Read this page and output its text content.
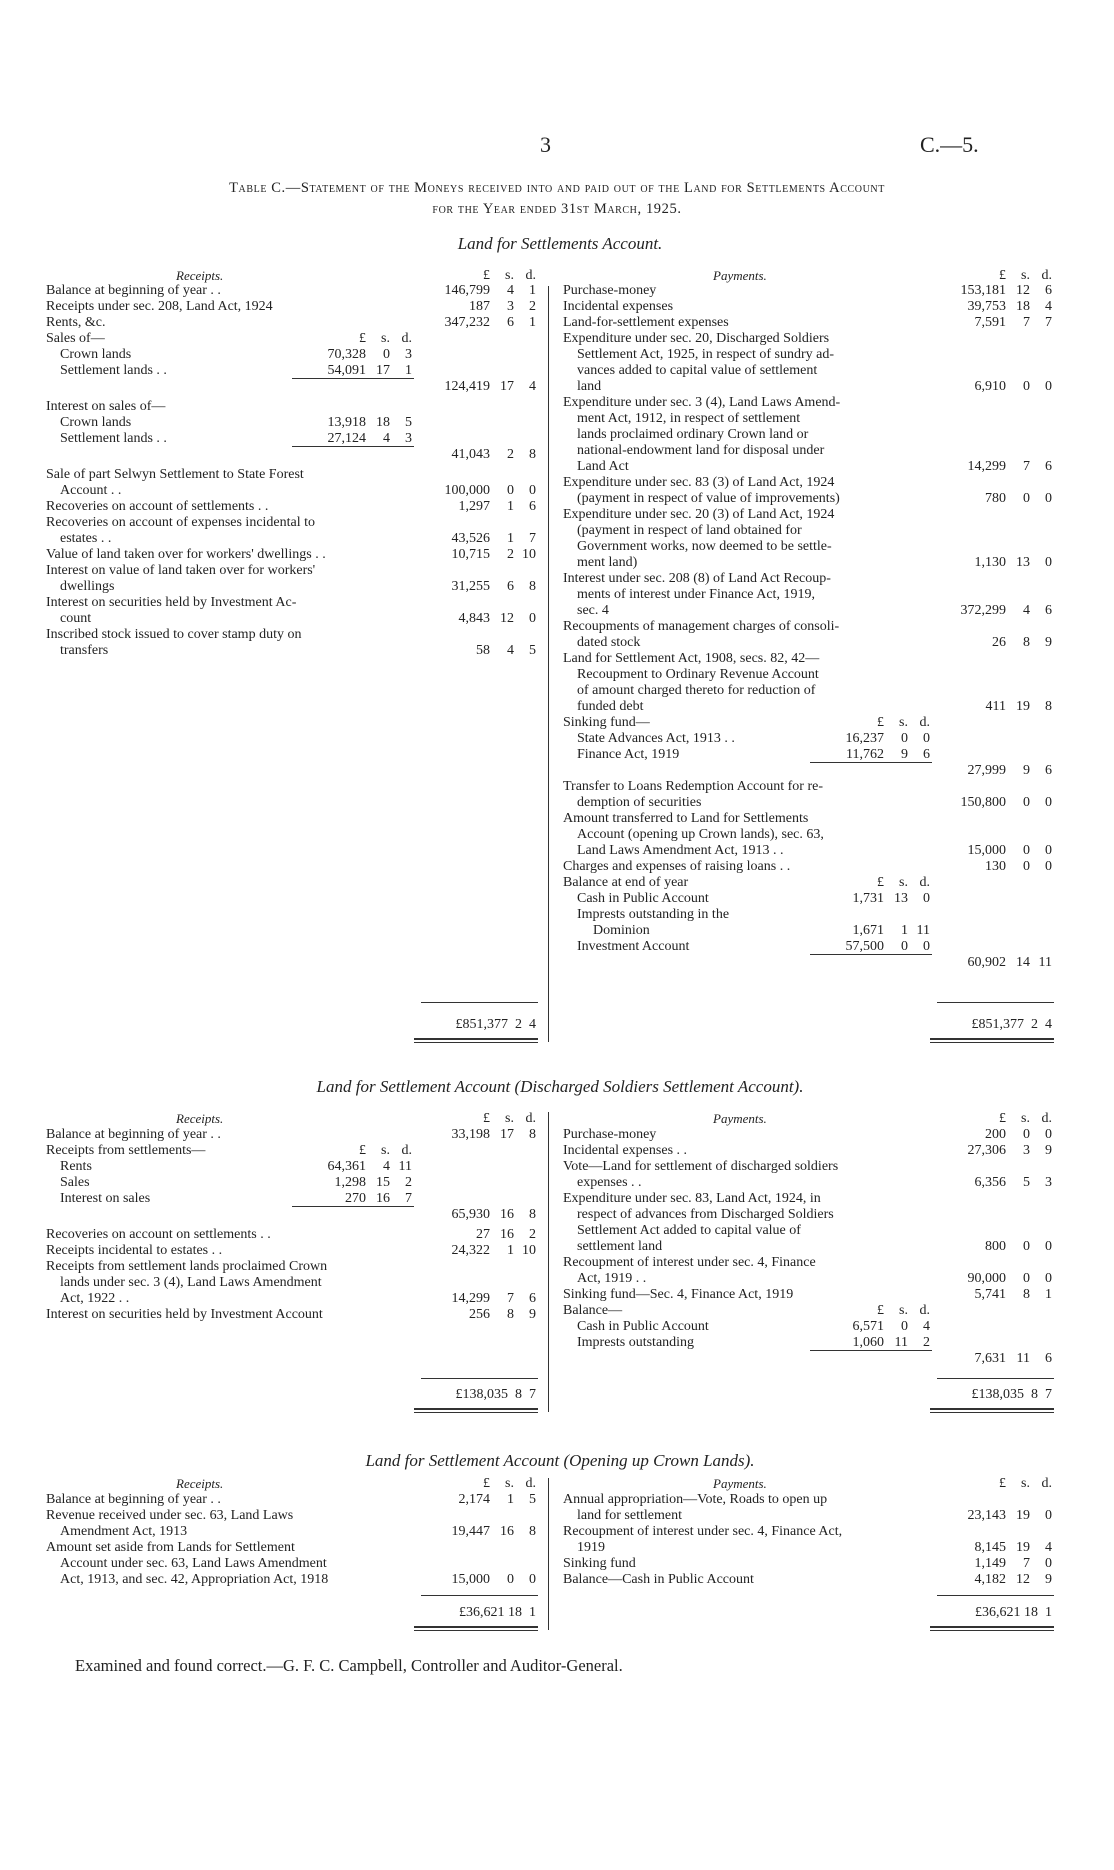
3	C.—5.
Table C.—Statement of the Moneys received into and paid out of the Land for Settlements Account
for the Year ended 31st March, 1925.
Land for Settlements Account.
Receipts.	Payments.
£	s. d.	£	s. d.
Balance at beginning of year . .	146,799	4	1
Receipts under sec. 208, Land Act, 1924	187	3	2
Rents, &c.	347,232	6	1
Sales of—	£	s. d.
Crown lands	70,328	0	3
Settlement lands . .	54,091 17	1
124,419 17	4
Interest on sales of—
Crown lands	13,918 18	5
Settlement lands . .	27,124	4	3
41,043	2	8
Sale of part Selwyn Settlement to State Forest
Account . .	100,000	0	0
Recoveries on account of settlements . .	1,297	1	6
Recoveries on account of expenses incidental to
estates . .	43,526	1	7
Value of land taken over for workers' dwellings . .	10,715	2 10
Interest on value of land taken over for workers'
dwellings	31,255	6	8
Interest on securities held by Investment Ac-
count	4,843 12	0
Inscribed stock issued to cover stamp duty on
transfers	58	4	5
Purchase-money	153,181 12	6
Incidental expenses	39,753 18	4
Land-for-settlement expenses	7,591	7	7
Expenditure under sec. 20, Discharged Soldiers
Settlement Act, 1925, in respect of sundry ad-
vances added to capital value of settlement
land	6,910	0	0
Expenditure under sec. 3 (4), Land Laws Amend-
ment Act, 1912, in respect of settlement
lands proclaimed ordinary Crown land or
national-endowment land for disposal under
Land Act	14,299	7	6
Expenditure under sec. 83 (3) of Land Act, 1924
(payment in respect of value of improvements)	780	0	0
Expenditure under sec. 20 (3) of Land Act, 1924
(payment in respect of land obtained for
Government works, now deemed to be settle-
ment land)	1,130 13	0
Interest under sec. 208 (8) of Land Act Recoup-
ments of interest under Finance Act, 1919,
sec. 4	372,299	4	6
Recoupments of management charges of consoli-
dated stock	26	8	9
Land for Settlement Act, 1908, secs. 82, 42—
Recoupment to Ordinary Revenue Account
of amount charged thereto for reduction of
funded debt	411 19	8
Sinking fund—	£	s. d.
State Advances Act, 1913 . .	16,237	0	0
Finance Act, 1919	11,762	9	6
27,999	9	6
Transfer to Loans Redemption Account for re-
demption of securities	150,800	0	0
Amount transferred to Land for Settlements
Account (opening up Crown lands), sec. 63,
Land Laws Amendment Act, 1913 . .	15,000	0	0
Charges and expenses of raising loans . .	130	0	0
Balance at end of year	£	s. d.
Cash in Public Account	1,731 13	0
Imprests outstanding in the
Dominion	1,671	1 11
Investment Account	57,500	0	0
60,902 14 11
£851,377  2  4	£851,377  2  4
Land for Settlement Account (Discharged Soldiers Settlement Account).
Receipts.	Payments.
£	s. d.	£	s. d.
Balance at beginning of year . .	33,198 17	8
Receipts from settlements—	£	s. d.
Rents	64,361	4 11
Sales	1,298 15	2
Interest on sales	270 16	7
65,930 16	8
Recoveries on account on settlements . .	27 16	2
Receipts incidental to estates . .	24,322	1 10
Receipts from settlement lands proclaimed Crown
lands under sec. 3 (4), Land Laws Amendment
Act, 1922 . .	14,299	7	6
Interest on securities held by Investment Account	256	8	9
Purchase-money	200	0	0
Incidental expenses . .	27,306	3	9
Vote—Land for settlement of discharged soldiers
expenses . .	6,356	5	3
Expenditure under sec. 83, Land Act, 1924, in
respect of advances from Discharged Soldiers
Settlement Act added to capital value of
settlement land	800	0	0
Recoupment of interest under sec. 4, Finance
Act, 1919 . .	90,000	0	0
Sinking fund—Sec. 4, Finance Act, 1919	5,741	8	1
Balance—	£	s. d.
Cash in Public Account	6,571	0	4
Imprests outstanding	1,060 11	2
7,631 11	6
£138,035  8  7	£138,035  8  7
Land for Settlement Account (Opening up Crown Lands).
Receipts.	Payments.
£	s. d.	£	s. d.
Balance at beginning of year . .	2,174	1	5
Revenue received under sec. 63, Land Laws
Amendment Act, 1913	19,447 16	8
Amount set aside from Lands for Settlement
Account under sec. 63, Land Laws Amendment
Act, 1913, and sec. 42, Appropriation Act, 1918	15,000	0	0
Annual appropriation—Vote, Roads to open up
land for settlement	23,143 19	0
Recoupment of interest under sec. 4, Finance Act,
1919	8,145 19	4
Sinking fund	1,149	7	0
Balance—Cash in Public Account	4,182 12	9
£36,621 18  1	£36,621 18  1
Examined and found correct.—G. F. C. Campbell, Controller and Auditor-General.
